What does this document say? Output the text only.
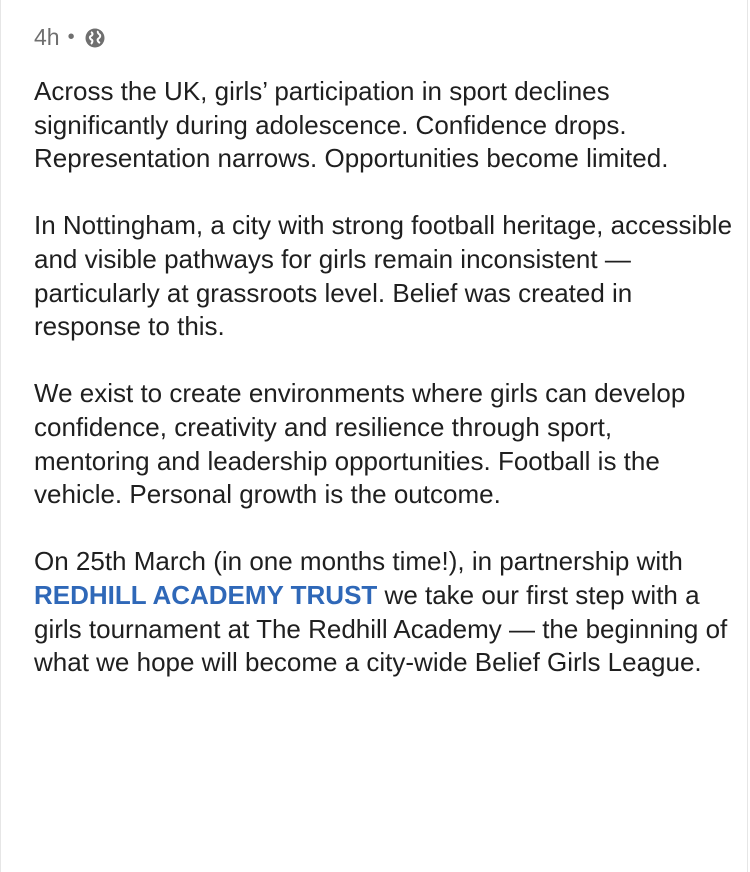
4h •

Across the UK, girls’ participation in sport declines significantly during adolescence. Confidence drops. Representation narrows. Opportunities become limited.

In Nottingham, a city with strong football heritage, accessible and visible pathways for girls remain inconsistent — particularly at grassroots level. Belief was created in response to this.

We exist to create environments where girls can develop confidence, creativity and resilience through sport, mentoring and leadership opportunities. Football is the vehicle. Personal growth is the outcome.

On 25th March (in one months time!), in partnership with REDHILL ACADEMY TRUST we take our first step with a girls tournament at The Redhill Academy — the beginning of what we hope will become a city-wide Belief Girls League.
